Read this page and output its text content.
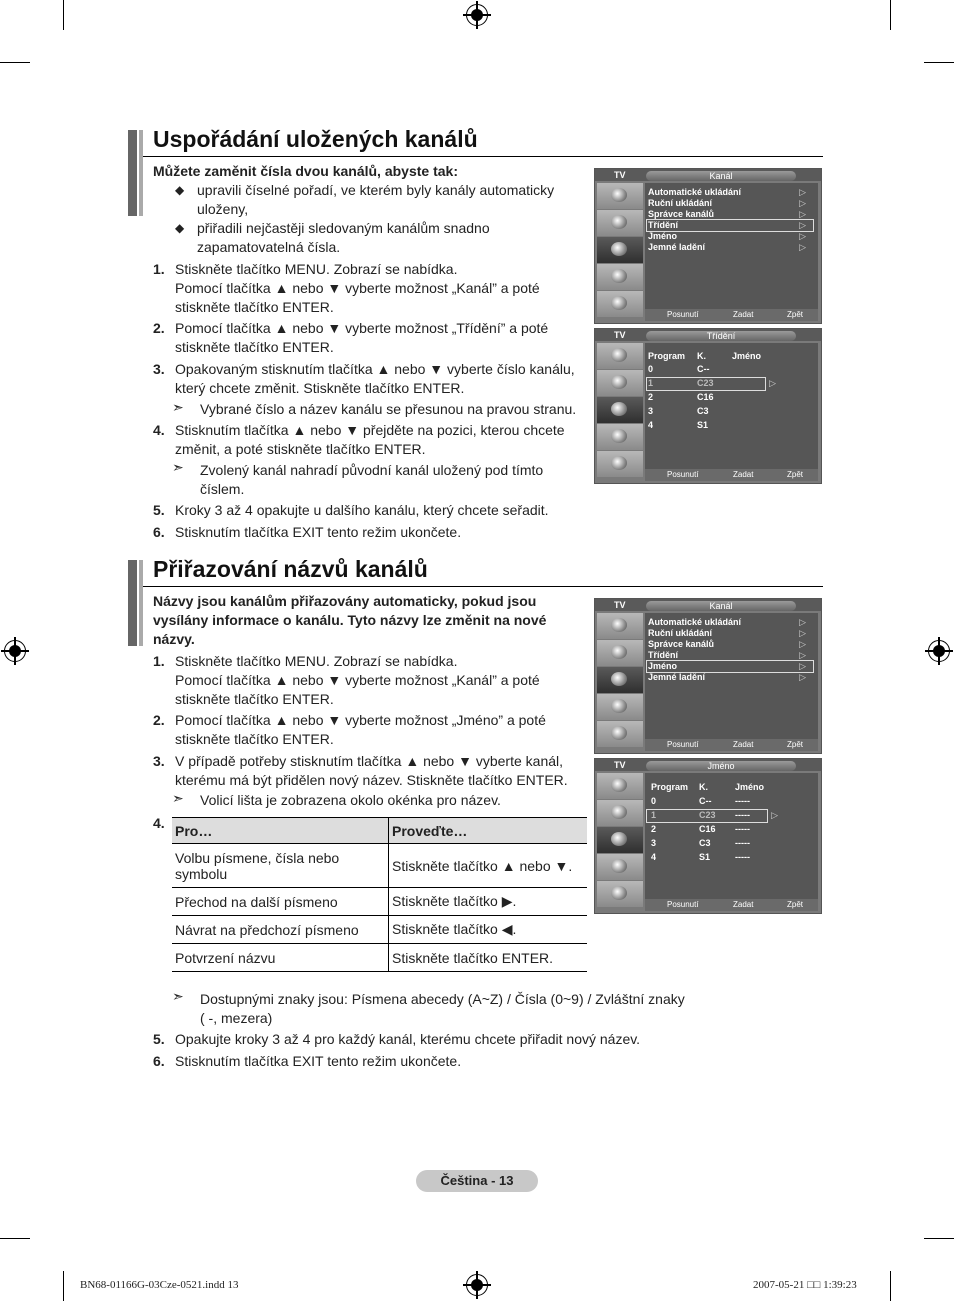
Uspořádání uložených kanálů
Můžete zaměnit čísla dvou kanálů, abyste tak:
◆ upravili číselné pořadí, ve kterém byly kanály automaticky
uloženy,
◆ přiřadili nejčastěji sledovaným kanálům snadno
zapamatovatelná čísla.
1. Stiskněte tlačítko MENU. Zobrazí se nabídka.
Pomocí tlačítka ▲ nebo ▼ vyberte možnost „Kanál” a poté
stiskněte tlačítko ENTER.
2. Pomocí tlačítka ▲ nebo ▼ vyberte možnost „Třídění” a poté
stiskněte tlačítko ENTER.
3. Opakovaným stisknutím tlačítka ▲ nebo ▼ vyberte číslo kanálu,
který chcete změnit. Stiskněte tlačítko ENTER.
➣ Vybrané číslo a název kanálu se přesunou na pravou stranu.
4. Stisknutím tlačítka ▲ nebo ▼ přejděte na pozici, kterou chcete
změnit, a poté stiskněte tlačítko ENTER.
➣ Zvolený kanál nahradí původní kanál uložený pod tímto
číslem.
5. Kroky 3 až 4 opakujte u dalšího kanálu, který chcete seřadit.
6. Stisknutím tlačítka EXIT tento režim ukončete.
TV	Kanál
Automatické ukládání
Ruční ukládání
Správce kanálů
Třídění
Jméno
Jemné ladění
▷
▷
▷
▷
▷
▷
Posunutí	Zadat	Zpět
TV	Třídění
Program K.	Jméno
0	C--
1	C23
2	C16
3	C3
4	S1
▷
Posunutí	Zadat	Zpět
Přiřazování názvů kanálů
Názvy jsou kanálům přiřazovány automaticky, pokud jsou
vysílány informace o kanálu. Tyto názvy lze změnit na nové
názvy.
1. Stiskněte tlačítko MENU. Zobrazí se nabídka.
Pomocí tlačítka ▲ nebo ▼ vyberte možnost „Kanál” a poté
stiskněte tlačítko ENTER.
2. Pomocí tlačítka ▲ nebo ▼ vyberte možnost „Jméno” a poté
stiskněte tlačítko ENTER.
3. V případě potřeby stisknutím tlačítka ▲ nebo ▼ vyberte kanál,
kterému má být přidělen nový název. Stiskněte tlačítko ENTER.
➣ Volicí lišta je zobrazena okolo okénka pro název.
4. Pro…	Proveďte…
Volbu písmene, čísla nebo symbolu	Stiskněte tlačítko ▲ nebo ▼.
Přechod na další písmeno	Stiskněte tlačítko ▶.
Návrat na předchozí písmeno	Stiskněte tlačítko ◀.
Potvrzení názvu	Stiskněte tlačítko ENTER.
➣ Dostupnými znaky jsou: Písmena abecedy (A~Z) / Čísla (0~9) / Zvláštní znaky
( -, mezera)
5. Opakujte kroky 3 až 4 pro každý kanál, kterému chcete přiřadit nový název.
6. Stisknutím tlačítka EXIT tento režim ukončete.
TV	Kanál
Automatické ukládání
Ruční ukládání
Správce kanálů
Třídění
Jméno
Jemné ladění
▷
▷
▷
▷
▷
▷
Posunutí	Zadat	Zpět
TV	Jméno
Program K.	Jméno
0	C--	-----
1	C23 -----
2	C16 -----
3	C3	-----
4	S1	-----
▷
Posunutí	Zadat	Zpět
Čeština - 13
BN68-01166G-03Cze-0521.indd 13	2007-05-21 □□ 1:39:23
